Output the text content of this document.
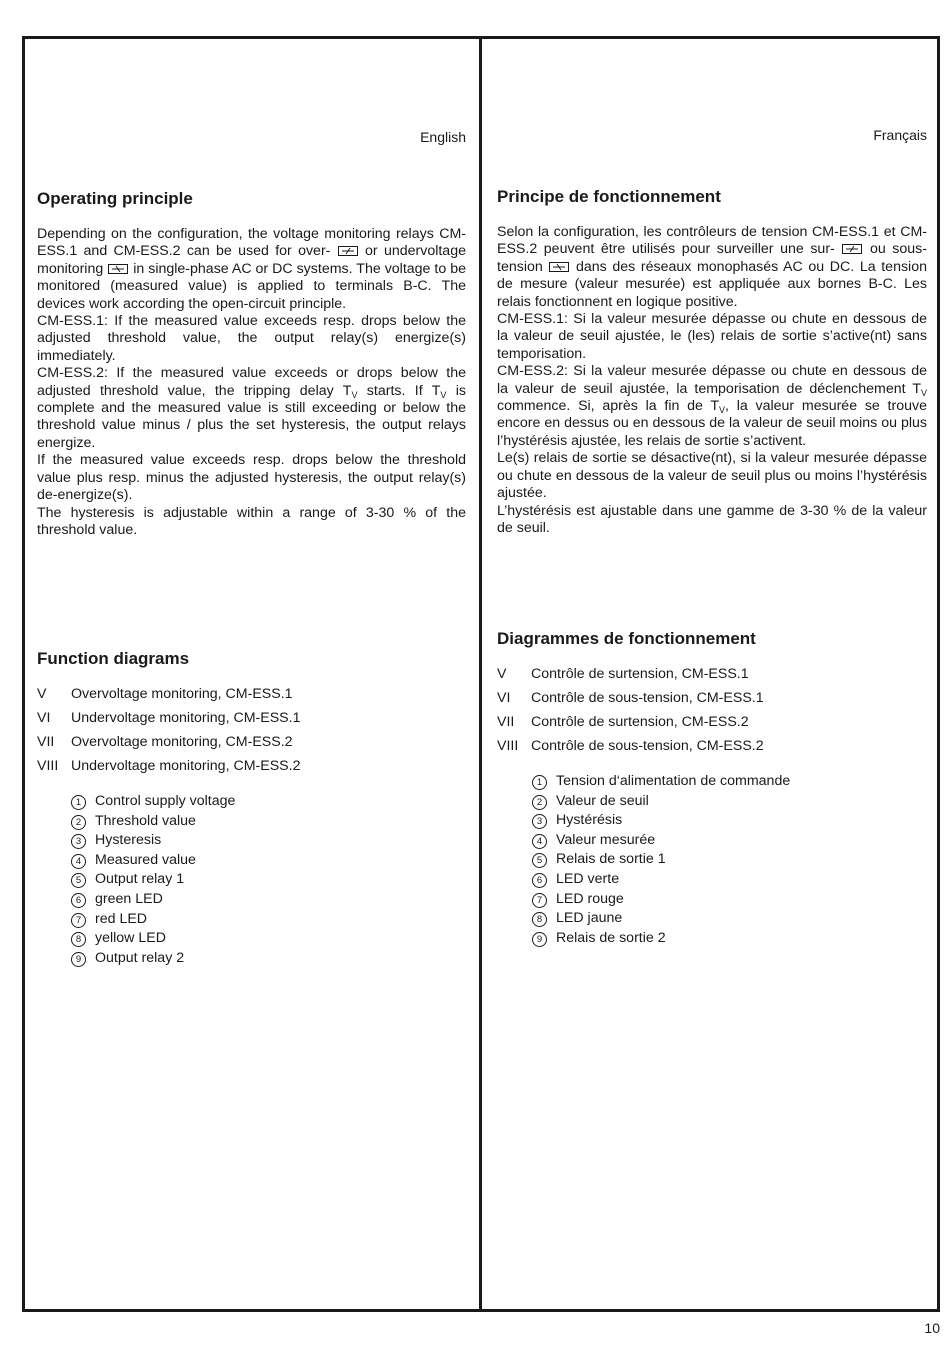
English
Operating principle

Depending on the configuration, the voltage monitoring relays CM-ESS.1 and CM-ESS.2 can be used for over- or undervoltage monitoring in single-phase AC or DC systems. The voltage to be monitored (measured value) is applied to terminals B-C. The devices work according the open-circuit principle.

CM-ESS.1: If the measured value exceeds resp. drops below the adjusted threshold value, the output relay(s) energize(s) immediately.

CM-ESS.2: If the measured value exceeds or drops below the adjusted threshold value, the tripping delay $T_V$ starts. If $T_V$ is complete and the measured value is still exceeding or below the threshold value minus / plus the set hysteresis, the output relays energize.

If the measured value exceeds resp. drops below the threshold value plus resp. minus the adjusted hysteresis, the output relay(s) de-energize(s).

The hysteresis is adjustable within a range of 3-30 % of the threshold value.

Function diagrams
V Overvoltage monitoring, CM-ESS.1
VI Undervoltage monitoring, CM-ESS.1
VII Overvoltage monitoring, CM-ESS.2
VIII Undervoltage monitoring, CM-ESS.2
1 Control supply voltage
2 Threshold value
3 Hysteresis
4 Measured value
5 Output relay 1
6 green LED
7 red LED
8 yellow LED
9 Output relay 2
Français
Principe de fonctionnement

Selon la configuration, les contrôleurs de tension CM-ESS.1 et CM-ESS.2 peuvent être utilisés pour surveiller une sur- ou sous-tension dans des réseaux monophasés AC ou DC. La tension de mesure (valeur mesurée) est appliquée aux bornes B-C. Les relais fonctionnent en logique positive.

CM-ESS.1: Si la valeur mesurée dépasse ou chute en dessous de la valeur de seuil ajustée, le (les) relais de sortie s’active(nt) sans temporisation.

CM-ESS.2: Si la valeur mesurée dépasse ou chute en dessous de la valeur de seuil ajustée, la temporisation de déclenchement $T_V$ commence. Si, après la fin de $T_V$, la valeur mesurée se trouve encore en dessus ou en dessous de la valeur de seuil moins ou plus l’hystérésis ajustée, les relais de sortie s’activent.

Le(s) relais de sortie se désactive(nt), si la valeur mesurée dépasse ou chute en dessous de la valeur de seuil plus ou moins l’hystérésis ajustée.

L’hystérésis est ajustable dans une gamme de 3-30 % de la valeur de seuil.

Diagrammes de fonctionnement
V Contrôle de surtension, CM-ESS.1
VI Contrôle de sous-tension, CM-ESS.1
VII Contrôle de surtension, CM-ESS.2
VIII Contrôle de sous-tension, CM-ESS.2
1 Tension d‘alimentation de commande
2 Valeur de seuil
3 Hystérésis
4 Valeur mesurée
5 Relais de sortie 1
6 LED verte
7 LED rouge
8 LED jaune
9 Relais de sortie 2
10
